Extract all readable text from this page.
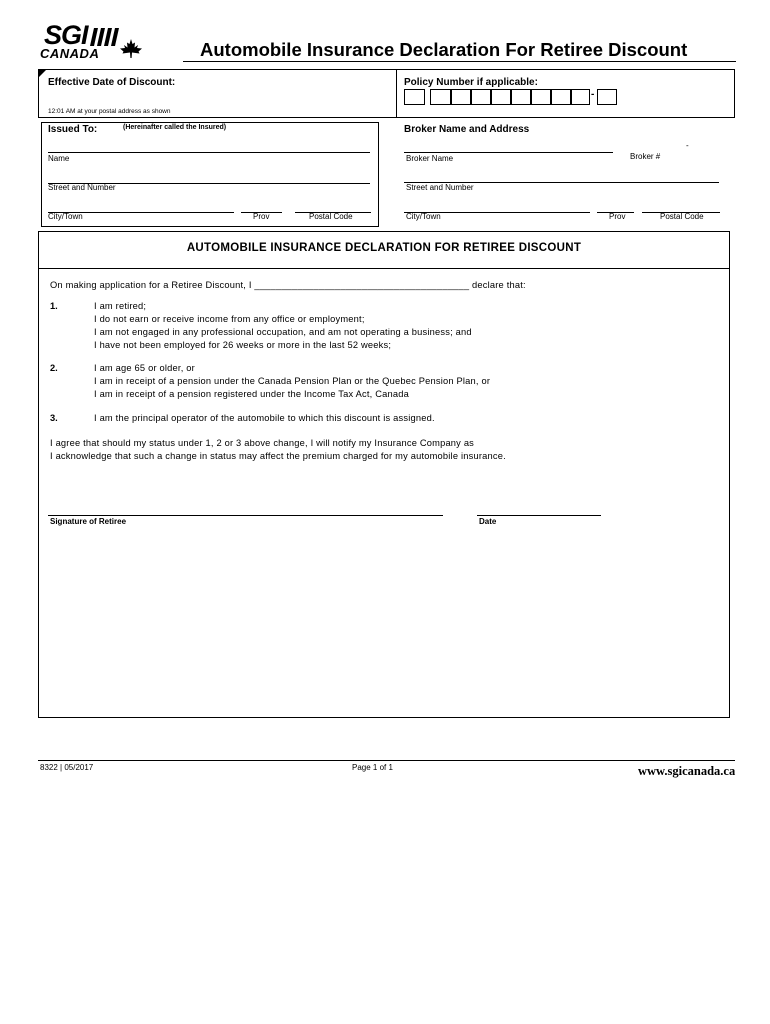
SGI
CANADA	Automobile Insurance Declaration For Retiree Discount
Effective Date of Discount:
12:01 AM at your postal address as shown
Policy Number if applicable:
-
Issued To:	(Hereinafter called the Insured)
Name
Street and Number
City/Town	Prov	Postal Code
Broker Name and Address
-
Broker Name	Broker #
Street and Number
City/Town	Prov	Postal Code
AUTOMOBILE INSURANCE DECLARATION FOR RETIREE DISCOUNT
On making application for a Retiree Discount, I ________________________________________ declare that:
1.	I am retired;
I do not earn or receive income from any office or employment;
I am not engaged in any professional occupation, and am not operating a business; and
I have not been employed for 26 weeks or more in the last 52 weeks;
2.	I am age 65 or older, or
I am in receipt of a pension under the Canada Pension Plan or the Quebec Pension Plan, or
I am in receipt of a pension registered under the Income Tax Act, Canada
3.	I am the principal operator of the automobile to which this discount is assigned.
I agree that should my status under 1, 2 or 3 above change, I will notify my Insurance Company as
I acknowledge that such a change in status may affect the premium charged for my automobile insurance.
Signature of Retiree	Date
8322 | 05/2017	Page 1 of 1	www.sgicanada.ca
